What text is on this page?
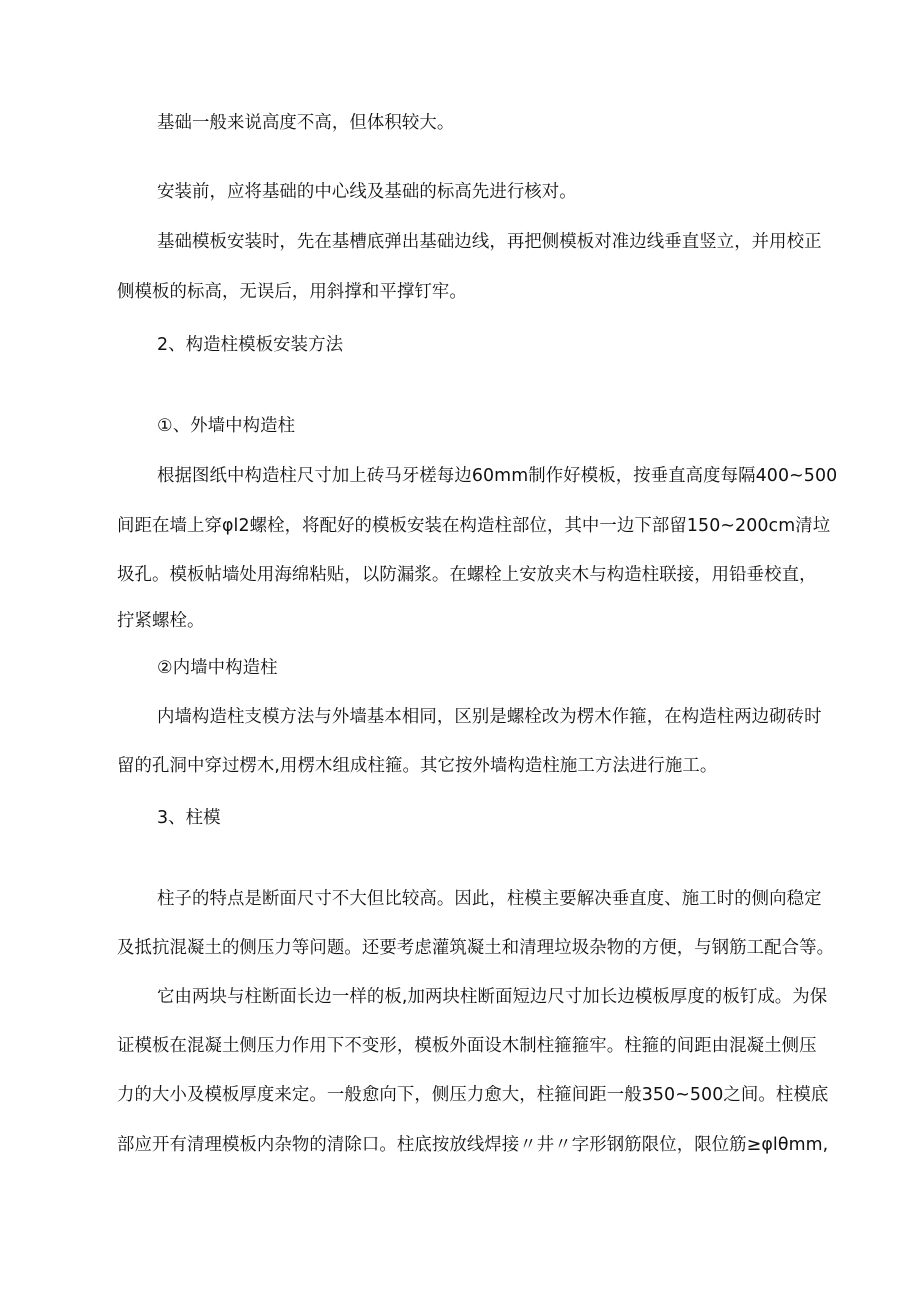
基础一般来说高度不高，但体积较大。

安装前，应将基础的中心线及基础的标高先进行核对。

基础模板安装时，先在基槽底弹出基础边线，再把侧模板对准边线垂直竖立，并用校正

侧模板的标高，无误后，用斜撑和平撑钉牢。

2、构造柱模板安装方法

①、外墙中构造柱

根据图纸中构造柱尺寸加上砖马牙槎每边60mm制作好模板，按垂直高度每隔400~500

间距在墙上穿φl2螺栓，将配好的模板安装在构造柱部位，其中一边下部留150~200cm清垃

圾孔。模板帖墙处用海绵粘贴，以防漏浆。在螺栓上安放夹木与构造柱联接，用铅垂校直，

拧紧螺栓。

②内墙中构造柱

内墙构造柱支模方法与外墙基本相同，区别是螺栓改为楞木作箍，在构造柱两边砌砖时

留的孔洞中穿过楞木,用楞木组成柱箍。其它按外墙构造柱施工方法进行施工。

3、柱模

柱子的特点是断面尺寸不大但比较高。因此，柱模主要解决垂直度、施工时的侧向稳定

及抵抗混凝土的侧压力等问题。还要考虑灌筑凝土和清理垃圾杂物的方便，与钢筋工配合等。

它由两块与柱断面长边一样的板,加两块柱断面短边尺寸加长边模板厚度的板钉成。为保

证模板在混凝土侧压力作用下不变形，模板外面设木制柱箍箍牢。柱箍的间距由混凝土侧压

力的大小及模板厚度来定。一般愈向下，侧压力愈大，柱箍间距一般350~500之间。柱模底

部应开有清理模板内杂物的清除口。柱底按放线焊接〃井〃字形钢筋限位，限位筋≥φlθmm,
